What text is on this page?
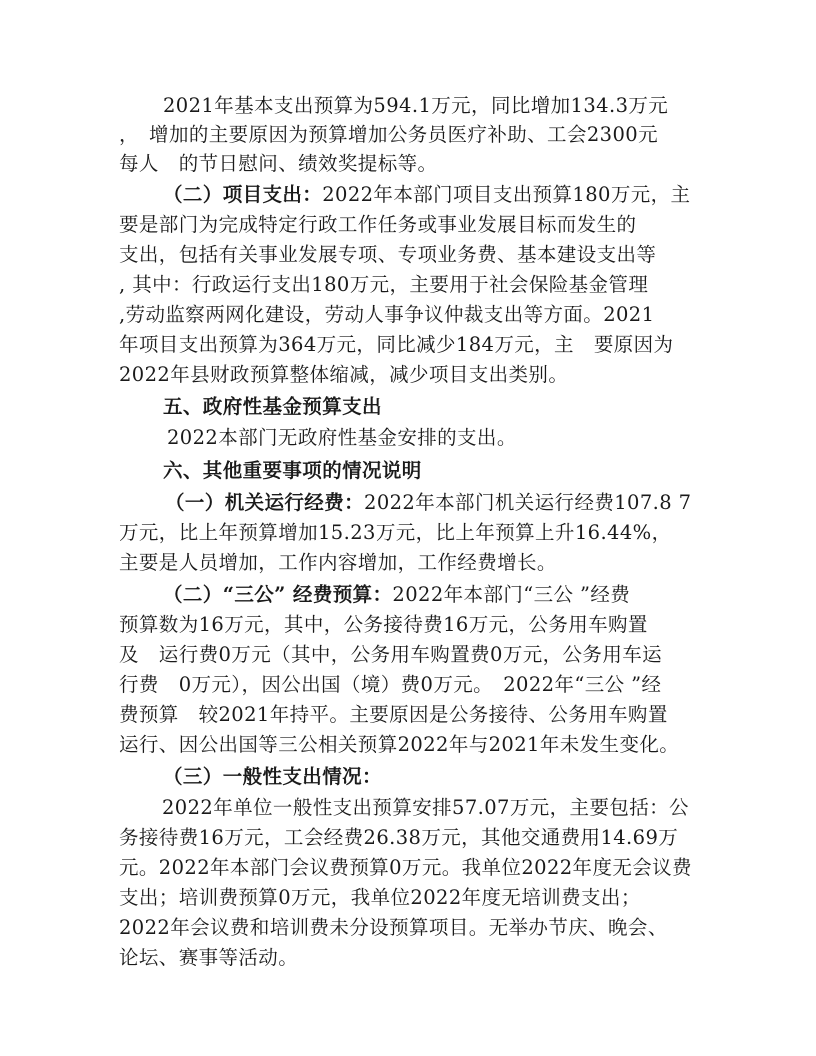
2021年基本支出预算为594.1万元，同比增加134.3万元
，　增加的主要原因为预算增加公务员医疗补助、工会2300元
每人　的节日慰问、绩效奖提标等。
（二）项目支出：2022年本部门项目支出预算180万元，主
要是部门为完成特定行政工作任务或事业发展目标而发生的
支出，包括有关事业发展专项、专项业务费、基本建设支出等
, 其中：行政运行支出180万元，主要用于社会保险基金管理
,劳动监察两网化建设，劳动人事争议仲裁支出等方面。2021
年项目支出预算为364万元，同比减少184万元，主　要原因为
2022年县财政预算整体缩减，减少项目支出类别。
五、政府性基金预算支出
2022本部门无政府性基金安排的支出。
六、其他重要事项的情况说明
（一）机关运行经费：2022年本部门机关运行经费107.8 7
万元，比上年预算增加15.23万元，比上年预算上升16.44%，
主要是人员增加，工作内容增加，工作经费增长。
（二）“三公” 经费预算：2022年本部门“三公 ”经费
预算数为16万元，其中，公务接待费16万元，公务用车购置
及　运行费0万元（其中，公务用车购置费0万元，公务用车运
行费　0万元），因公出国（境）费0万元。　2022年“三公 ”经
费预算　较2021年持平。主要原因是公务接待、公务用车购置
运行、因公出国等三公相关预算2022年与2021年未发生变化。
（三）一般性支出情况：
2022年单位一般性支出预算安排57.07万元，主要包括：公
务接待费16万元，工会经费26.38万元，其他交通费用14.69万
元。2022年本部门会议费预算0万元。我单位2022年度无会议费
支出；培训费预算0万元，我单位2022年度无培训费支出；
2022年会议费和培训费未分设预算项目。无举办节庆、晚会、
论坛、赛事等活动。
